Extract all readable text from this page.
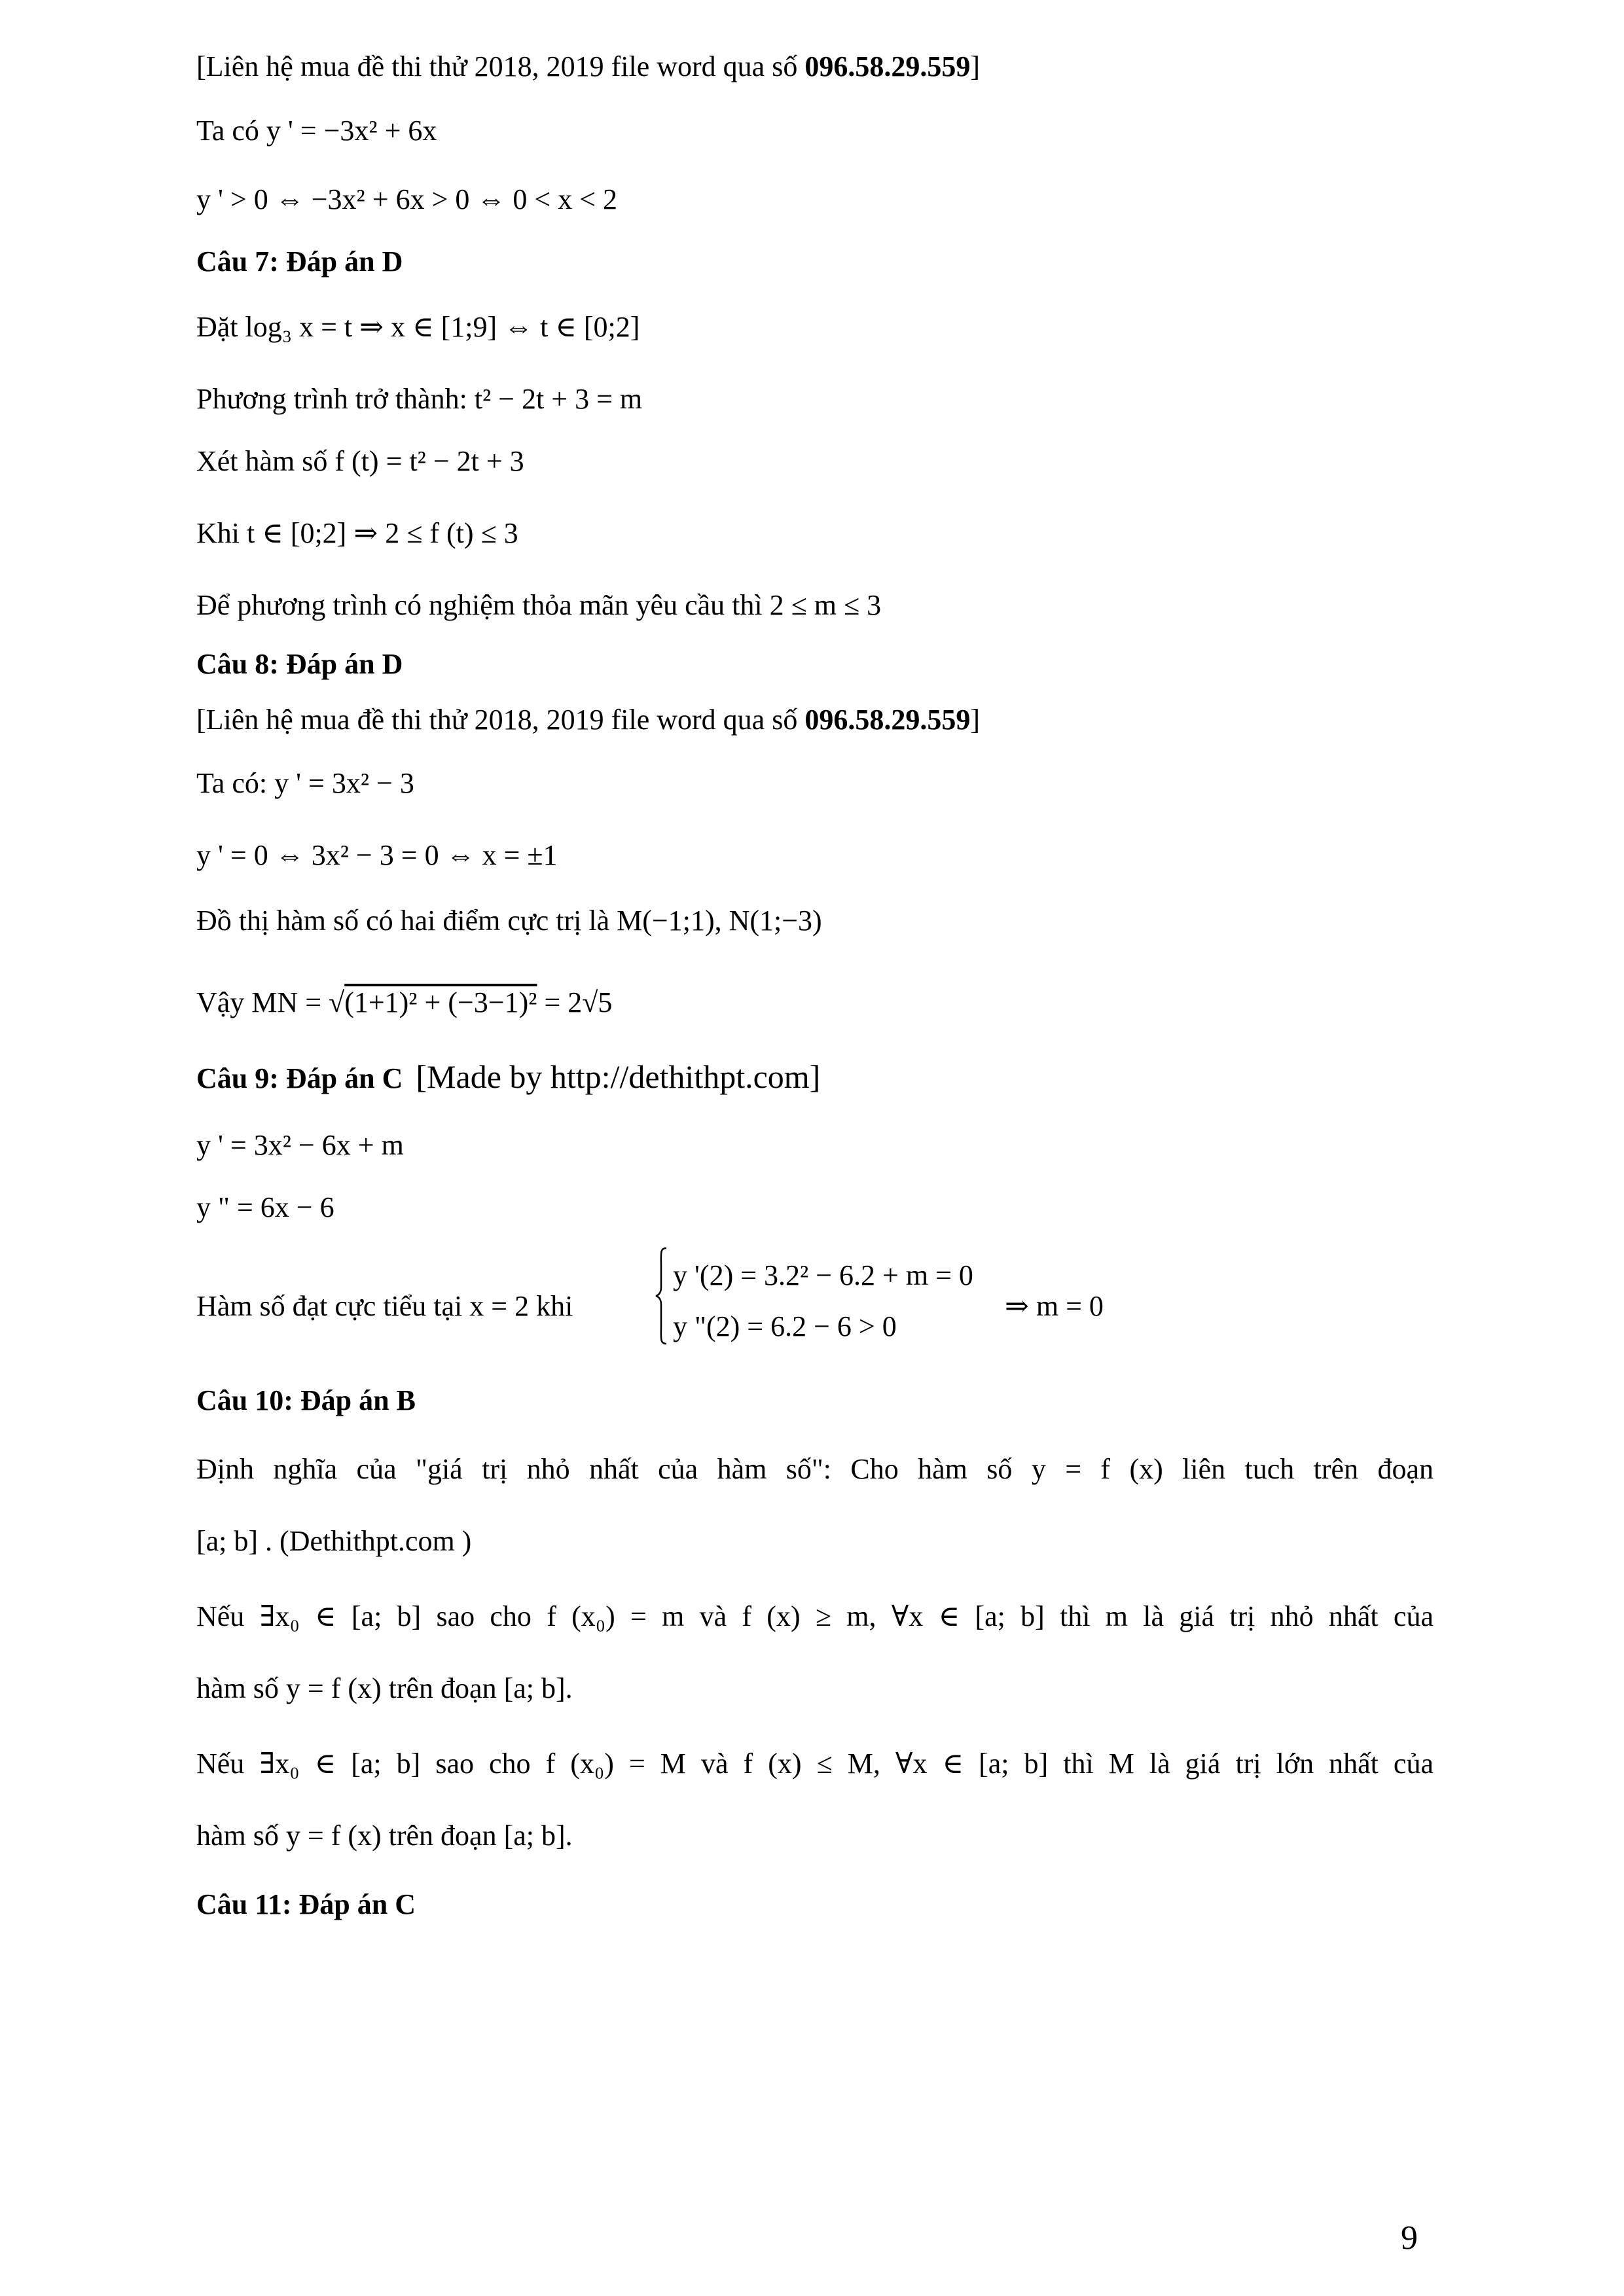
[Liên hệ mua đề thi thử 2018, 2019 file word qua số 096.58.29.559]
Ta có y ' = −3x² + 6x
y ' > 0 ⇔ −3x² + 6x > 0 ⇔ 0 < x < 2
Câu 7: Đáp án D
Đặt log₃ x = t ⇒ x ∈ [1;9] ⇔ t ∈ [0;2]
Phương trình trở thành: t² − 2t + 3 = m
Xét hàm số f (t) = t² − 2t + 3
Khi t ∈ [0;2] ⇒ 2 ≤ f (t) ≤ 3
Để phương trình có nghiệm thỏa mãn yêu cầu thì 2 ≤ m ≤ 3
Câu 8: Đáp án D
[Liên hệ mua đề thi thử 2018, 2019 file word qua số 096.58.29.559]
Ta có: y ' = 3x² − 3
y ' = 0 ⇔ 3x² − 3 = 0 ⇔ x = ±1
Đồ thị hàm số có hai điểm cực trị là M(−1;1), N(1;−3)
Vậy MN = √(1+1)² + (−3−1)² = 2√5
Câu 9: Đáp án C [Made by http://dethithpt.com]
y ' = 3x² − 6x + m
y " = 6x − 6
Hàm số đạt cực tiểu tại x = 2 khi
y '(2) = 3.2² − 6.2 + m = 0
y "(2) = 6.2 − 6 > 0
⇒ m = 0
Câu 10: Đáp án B
Định nghĩa của "giá trị nhỏ nhất của hàm số": Cho hàm số y = f (x) liên tuch trên đoạn
[a; b] . (Dethithpt.com )
Nếu ∃x₀ ∈ [a; b] sao cho f (x₀) = m và f (x) ≥ m, ∀x ∈ [a; b] thì m là giá trị nhỏ nhất của
hàm số y = f (x) trên đoạn [a; b].
Nếu ∃x₀ ∈ [a; b] sao cho f (x₀) = M và f (x) ≤ M, ∀x ∈ [a; b] thì M là giá trị lớn nhất của
hàm số y = f (x) trên đoạn [a; b].
Câu 11: Đáp án C
9
